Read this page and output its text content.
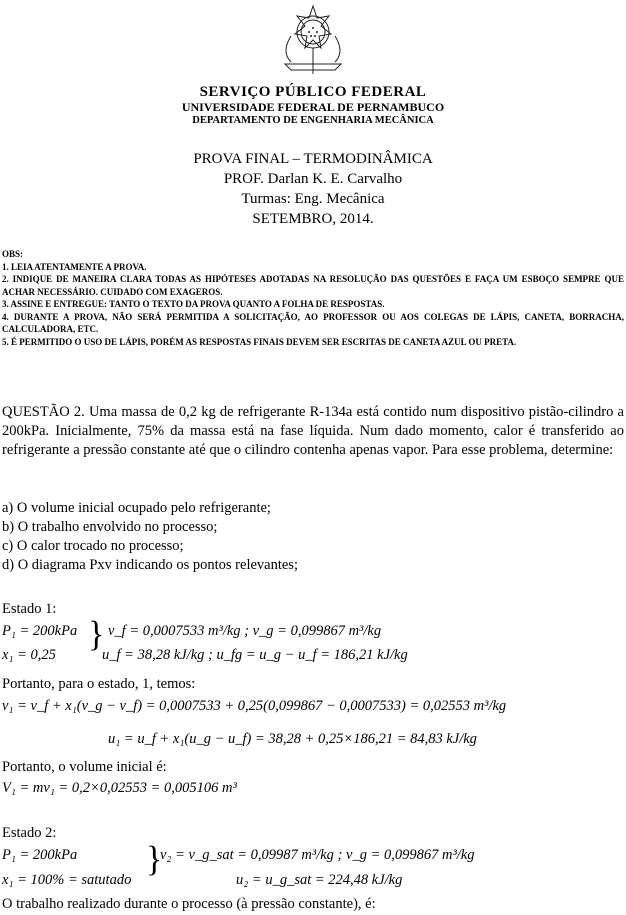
SERVIÇO PÚBLICO FEDERAL
UNIVERSIDADE FEDERAL DE PERNAMBUCO
DEPARTAMENTO DE ENGENHARIA MECÂNICA
PROVA FINAL – TERMODINÂMICA
PROF. Darlan K. E. Carvalho
Turmas: Eng. Mecânica
SETEMBRO, 2014.
OBS:
1. LEIA ATENTAMENTE A PROVA.
2. INDIQUE DE MANEIRA CLARA TODAS AS HIPÓTESES ADOTADAS NA RESOLUÇÃO DAS QUESTÕES E FAÇA UM ESBOÇO SEMPRE QUE ACHAR NECESSÁRIO. CUIDADO COM EXAGEROS.
3. ASSINE E ENTREGUE: TANTO O TEXTO DA PROVA QUANTO A FOLHA DE RESPOSTAS.
4. DURANTE A PROVA, NÃO SERÁ PERMITIDA A SOLICITAÇÃO, AO PROFESSOR OU AOS COLEGAS DE LÁPIS, CANETA, BORRACHA, CALCULADORA, ETC.
5. É PERMITIDO O USO DE LÁPIS, PORÉM AS RESPOSTAS FINAIS DEVEM SER ESCRITAS DE CANETA AZUL OU PRETA.
QUESTÃO 2. Uma massa de 0,2 kg de refrigerante R-134a está contido num dispositivo pistão-cilindro a 200kPa. Inicialmente, 75% da massa está na fase líquida. Num dado momento, calor é transferido ao refrigerante a pressão constante até que o cilindro contenha apenas vapor. Para esse problema, determine:
a) O volume inicial ocupado pelo refrigerante;
b) O trabalho envolvido no processo;
c) O calor trocado no processo;
d) O diagrama Pxv indicando os pontos relevantes;
Estado 1:
P₁ = 200kPa
x₁ = 0,25
} v_f = 0,0007533 m³/kg ; v_g = 0,099867 m³/kg
u_f = 38,28 kJ/kg ; u_fg = u_g − u_f = 186,21 kJ/kg
Portanto, para o estado, 1, temos:
v₁ = v_f + x₁(v_g − v_f) = 0,0007533 + 0,25(0,099867 − 0,0007533) = 0,02553 m³/kg
u₁ = u_f + x₁(u_g − u_f) = 38,28 + 0,25×186,21 = 84,83 kJ/kg
Portanto, o volume inicial é:
V₁ = mv₁ = 0,2×0,02553 = 0,005106 m³
Estado 2:
P₁ = 200kPa
x₁ = 100% = satutado
}
v₂ = v_g_sat = 0,09987 m³/kg ; v_g = 0,099867 m³/kg
u₂ = u_g_sat = 224,48 kJ/kg
O trabalho realizado durante o processo (à pressão constante), é:
